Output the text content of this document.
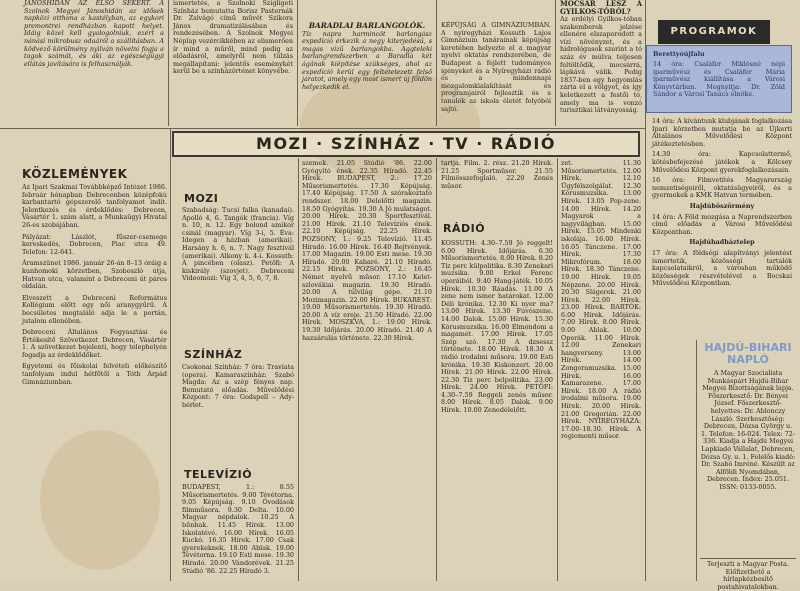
JÁNOSHIDAN AZ ELSŐ SEKÉRT. A Szolnok Megyei Jánoshidán az idősek napközi otthona a kastélyban, az egykori premontrei rendházban kapott helyet. Idáig közel kell gyalogolniuk, ezért a nánási mikrobusz odaáról a szállításban. A ködvező körülmény nyilván növelni fogja a tagok számát, és aki az egészségügyi ellátás javítására is felhasználják.
ismertetés, a Szolnoki Szigligeti Színház bemutatta Borisz Pasternák Dr. Zsivágó című művét Szikora János dramatizálásában és rendezésében. A Szolnok Megyei Néplap vezércikkében az elismerően ír mind a műről, mind pedig az előadásról, amelyről nem túlzás megállapítani: jelentős eseménykét kerül be a színházörténet könyvébe.
BARADLAI BARLANGOLÓK.
Tíz napra harmincöt barlangász expedíció érkezik a negy kiterjedésű, s magas vizű barlangokba. Aggteleki barlangrendszerben a Baradla két ágának kiépítése szükséges, ahol az expedíció kerül egy feltételezett felső járatot, amely egy most ismert új földön helyezkedik el.
KÉPÚJSÁG A GIMNÁZIUMBAN. A nyíregyházi Kossuth Lajos Gimnázium tanárainak képújság keretében helyezte el a magyar nyelvi oktatás rendszerében, de Budapest a fejlett tudományos igényeket és a Nyíregyházi rádió és a mindennapi mozgalomkialakítását és programjairól fejlesztik és a tanulók az iskola életét folyóból sajtó.
MOCSÁR LESZ A GYILKOS-TÓBÓL?
Az erdélyi Gyilkos-tóban szakemberek jelzése ellenére elszaporodott a vízi növényzet, és a hidrológusok szerint a tó száz év múlva teljesen feltöltődik, mocsárrá, lápkává válik. Pedig 1837-ben egy hegyomlás zárta el a völgyet, és így keletkezett a festői tó, amely ma is vonzó turisztikai látványosság.
PROGRAMOK
Berettyóújfalu
14 óra: Csaláfer Miklósné népi iparművész és Csaláfer Mária iparművész kiállítása a Városi Könyvtárban. Megnyitja: Dr. Zöld Sándor a Városi Tanács elnöke.

14 óra: A kívántunk klubjának foglalkozása Ipari körzetben mutatja be az Újkerti Általános Művelődési Központ játékeztetésben.

14.30 óra: Kapcsolattermő, kötésbefejezésé játékok a Kölcsey Művelődési Központ gyerekfoglalkozásain.

16 óra: Filmvetítés Magyarország nemzetiségeiről, oktatásügyeiről, és a gyermekek a KMK Hatvan termében.

Hajdúböszörmény

14 óra: A Föld mozgása a Naprendszerben című előadás a Városi Művelődési Központban.

Hajdúhadháztelep

17 óra: A földségi alapítványi jelentést ismertetik, közösségi tartalék kapcsolataikról, a városban működő közösségek részvételével a Bocskai Művelődési Központban.

HAJDÚ-BIHARI NAPLÓ
A Magyar Szocialista Munkáspárt Hajdú-Bihar Megyei Bizottságának lapja. Főszerkesztő: Dr. Bényei József. Főszerkesztő-helyettes: Dr. Ablonczy László. Szerkesztőség: Debrecen, Dózsa György u. 1. Telefon: 16-024. Telex: 72-336. Kiadja a Hajdú Megyei Lapkiadó Vállalat, Debrecen, Dózsa Gy. u. 1. Felelős kiadó: Dr. Szabó Imréné. Készült az Alföldi Nyomdában, Debrecen. Index: 25.051. ISSN: 0133-0055.
Terjeszti a Magyar Posta. Előfizethető a hírlapkézbesítő postahivatalokban.
KÖZLEMÉNYEK

Az Ipari Szakmai Továbbképző Intézet 1986. február hónapban Debrecenben középfokú karbantartó gépszerelő tanfolyamot indít. Jelentkezés és érdeklődés: Debrecen, Vásártér 1. szám alatt, a Munkaügyi Hivatal 26-es szobájában.

Pályázat: Lászlót, fűszer-csemege kereskedés, Debrecen, Piac utca 49. Telefon: 12-641.

Áramszünet 1986. január 26-án 8–13 óráig a kunhomoki körzetben, Szoboszló útja, Hatvan utca, valamint a Debreceni út páros oldalán.

Elveszett a Debreceni Református Kollégium előtt egy női aranygyűrű. A becsületes megtaláló adja le a portán, jutalom ellenében.

Debreceni Általános Fogyasztási és Értékesítő Szövetkezet Debrecen, Vásártér 1. A szövetkezet bejelenti, hogy telephelyén fogadja az érdeklődőket.

Egyetemi és főiskolai felvételi előkészítő tanfolyam indul hétfőtől a Tóth Árpád Gimnáziumban.

MOZI · SZÍNHÁZ · TV · RÁDIÓ
MOZI
Szabadság: Tucsi falka (kanadai). Apolló 4, 6. Tangók (francia). Víg n. 10, n. 12. Egy bolond amikor csinál (magyar). Víg 3-i, 5. Éva: Idegen a házban (amerikai). Harsány h. 6, n. 7. Nagy fesztivál (amerikai). Alkony k. 4-i. Kossuth: A pincében (olasz). Petőfi: A kiskirály (szovjet). Debreceni Videomozi: Víg 3, 4, 5, 6, 7, 8.
SZÍNHÁZ
Csokonai Színház: 7 óra: Traviata (opera). Kamaraszínház: Szabó Magda: Az a szép fényes nap. Bemutató előadás. Művelődési Központ: 7 óra: Godspell – Ady-bérlet.
TELEVÍZIÓ
BUDAPEST, 1.: 8.55 Műsorismertetés. 9.00 Tévétorna. 9.05 Képújság. 9.10 Óvodások filmműsora. 9.30 Delta. 10.00 Magyar népdalok. 10.25 A bűnbak. 11.45 Hírek. 13.00 Iskolatévé. 16.00 Hírek. 16.05 Kuckó. 16.35 Hírek. 17.00 Csak gyerekeknek. 18.00 Ablak. 19.00 Tévétorna. 19.10 Esti mese. 19.30 Híradó. 20.00 Vándorévek. 21.25 Stúdió '86. 22.25 Híradó 3.
szemek. 21.05 Stúdió '86. 22.00 Gyógyító ének. 22.35 Híradó. 22.45 Hírek. BUDAPEST, 2.: 17.20 Műsorismertetés. 17.30 Képújság. 17.40 Képújság. 17.50 A szórakoztató rendszer. 18.00 Delelőtti magazin. 18.50 Gyógyítás. 19.30 A Jó mulatságot. 20.00 Hírek. 20.30 Sportfesztivál. 21.00 Hírek. 21.10 Televíziós ének. 22.10 Képújság. 22.25 Hírek. POZSONY, 1.: 9.25 Televízió. 11.45 Híradó. 16.00 Hírek. 16.40 Rejtvények. 17.00 Magazin. 19.00 Esti mese. 19.30 Híradó. 20.00 Kabaré. 21.10 Híradó. 22.15 Hírek. POZSONY, 2.: 16.45 Német nyelvű műsor. 17.10 Kelet-szlovákiai magazin. 19.30 Híradó. 20.00 A túlvilág gépe. 21.10 Mozimagazin. 22.00 Hírek. BUKAREST: 19.00 Műsorismertetés. 19.30 Híradó. 20.00 A víz ereje. 21.50 Híradó. 22.00 Hírek. MOSZKVA, 1.: 19.00 Hírek. 19.30 Időjárás. 20.00 Híradó. 21.40 A hazaárulás története. 22.30 Hírek.
tartja. Film. 2. rész. 21.20 Hírek. 21.25 Sportmüsor. 21.55 Filmösszefoglaló. 22.20 Zenés műsor.
RÁDIÓ
KOSSUTH: 4.30–7.59 Jó reggelt! 6.00 Hírek. Időjárás. 6.30 Műsorismertetés. 8.00 Hírek. 8.20 Tíz perc külpolitika. 8.30 Zenekari muzsika. 9.00 Erkel Ferenc operáiból. 9.40 Hang-játék. 10.05 Hírek. 10.30 Ráadás. 11.00 A zene nem ismer határokat. 12.00 Déli krónika. 12.30 Ki nyer ma? 13.00 Hírek. 13.30 Fúvószene. 14.00 Dalok. 15.00 Hírek. 15.30 Kórusmuzsika. 16.00 Elmondom a magamét. 17.00 Hírek. 17.05 Szép szó. 17.30 A dzsessz története. 18.00 Hírek. 18.30 A rádió irodalmi műsora. 19.00 Esti krónika. 19.30 Kiskonzert. 20.00 Hírek. 21.00 Hírek. 22.00 Hírek. 22.30 Tíz perc belpolitika. 23.00 Hírek. 24.00 Hírek. PETŐFI: 4.30–7.59 Reggeli zenés műsor. 8.00 Hírek. 8.05 Dalok. 9.00 Hírek. 10.00 Zenedélelőtt.
zet. 11.30 Műsorismertetés. 12.00 Hírek. 12.10 Ügyfélszolgálat. 12.30 Kórusmuzsika. 13.00 Hírek. 13.05 Pop-zene. 14.00 Hírek. 14.20 Magyarok a nagyvilágban. 15.00 Hírek. 15.05 Mindenki iskolája. 16.00 Hírek. 16.05 Tánczene. 17.00 Hírek. 17.30 Mikrofórum. 18.00 Hírek. 18.30 Tánczene. 19.00 Hírek. 19.05 Népzene. 20.00 Hírek. 20.30 Slágerek. 21.00 Hírek. 22.00 Hírek. 23.00 Hírek. BARTÓK: 6.00 Hírek. Időjárás. 7.00 Hírek. 8.00 Hírek. 9.00 Ablak. 10.00 Operák. 11.00 Hírek. 12.00 Zenekari hangverseny. 13.00 Hírek. 14.00 Zongoramuzsika. 15.00 Hírek. 16.00 Kamarazene. 17.00 Hírek. 18.00 A rádió irodalmi műsora. 19.00 Hírek. 20.00 Hírek. 21.00 Gregorián. 22.00 Hírek. NYÍREGYHÁZA: 17.00–18.30. Hírek. A regiomonti műsor.
